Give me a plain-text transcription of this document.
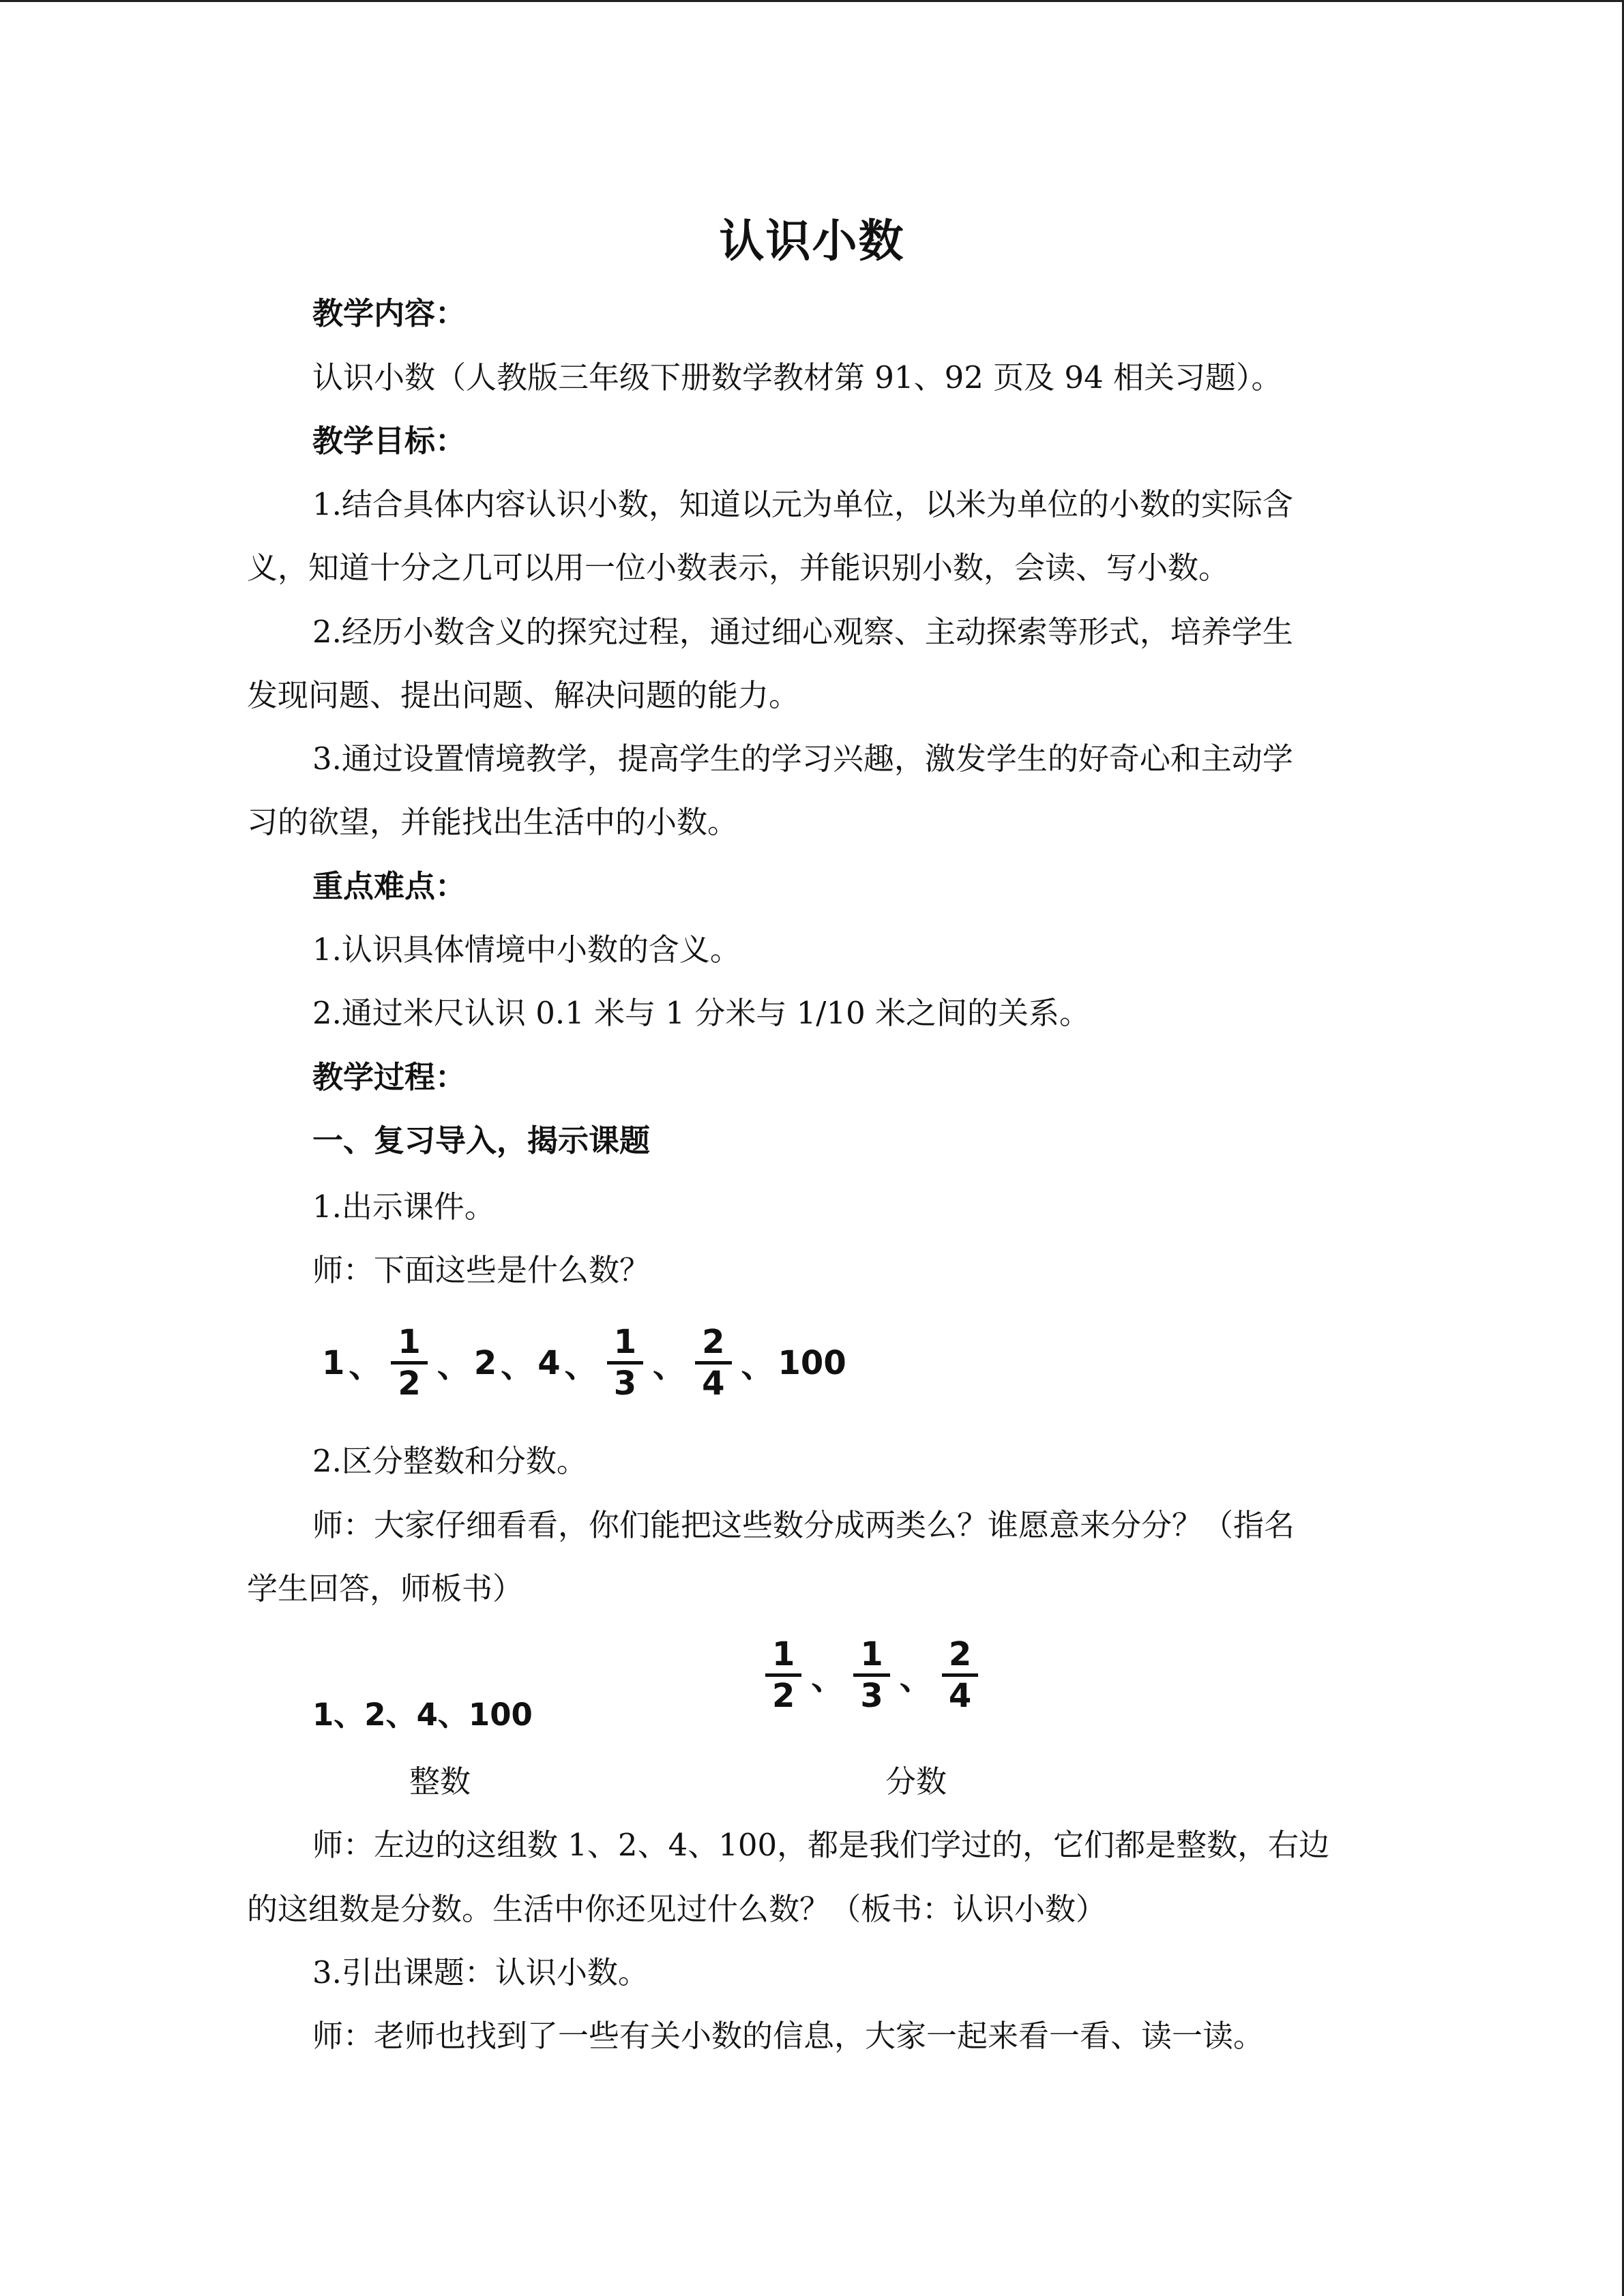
认识小数
教学内容：
认识小数（人教版三年级下册数学教材第 91、92 页及 94 相关习题）。
教学目标：
1.结合具体内容认识小数，知道以元为单位，以米为单位的小数的实际含
义，知道十分之几可以用一位小数表示，并能识别小数，会读、写小数。
2.经历小数含义的探究过程，通过细心观察、主动探索等形式，培养学生
发现问题、提出问题、解决问题的能力。
3.通过设置情境教学，提高学生的学习兴趣，激发学生的好奇心和主动学
习的欲望，并能找出生活中的小数。
重点难点：
1.认识具体情境中小数的含义。
2.通过米尺认识 0.1 米与 1 分米与 1/10 米之间的关系。
教学过程：
一、复习导入，揭示课题
1.出示课件。
师：下面这些是什么数？
1 、
1
2 、 2 、 4 、
1
3 、
2
4 、 100
2.区分整数和分数。
师：大家仔细看看，你们能把这些数分成两类么？谁愿意来分分？（指名
学生回答，师板书）
1、2、4、100
1
2 、
1
3 、
2
4
整数	分数
师：左边的这组数 1、2、4、100，都是我们学过的，它们都是整数，右边
的这组数是分数。生活中你还见过什么数？（板书：认识小数）
3.引出课题：认识小数。
师：老师也找到了一些有关小数的信息，大家一起来看一看、读一读。
